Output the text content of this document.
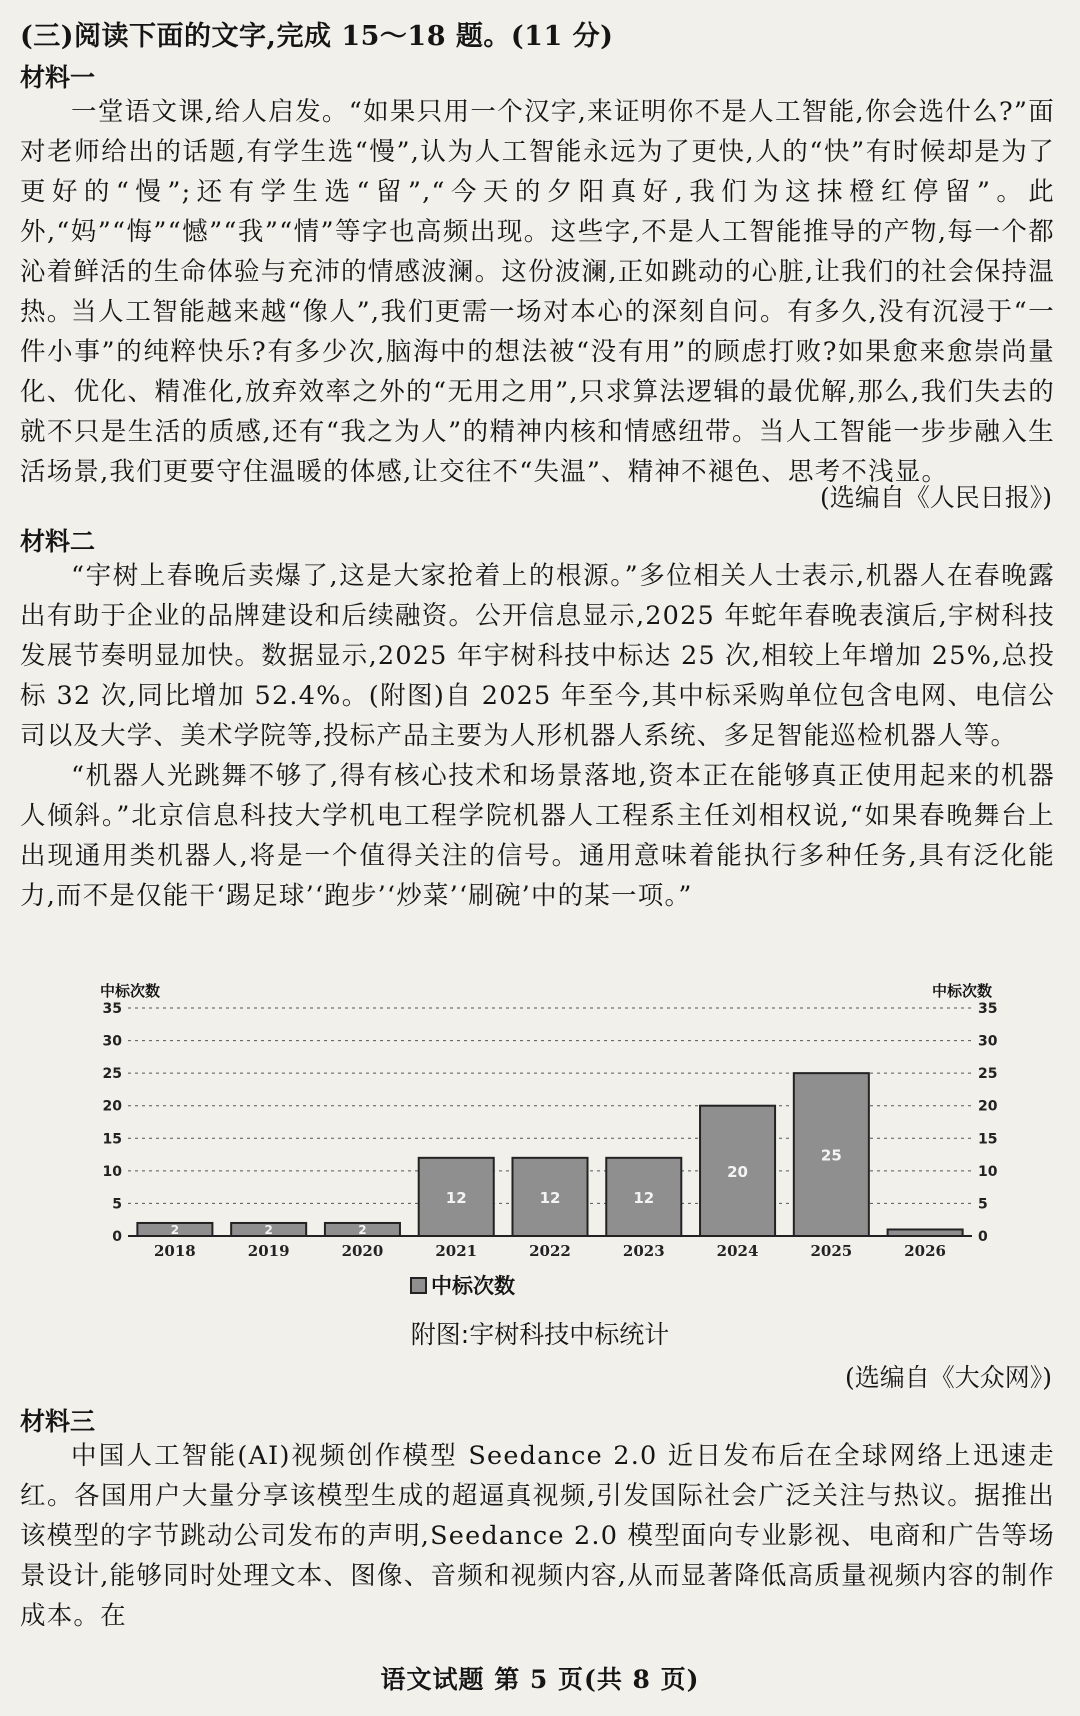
(三)阅读下面的文字,完成 15～18 题。(11 分)
材料一
一堂语文课,给人启发。“如果只用一个汉字,来证明你不是人工智能,你会选什么?”面对老师给出的话题,有学生选“慢”,认为人工智能永远为了更快,人的“快”有时候却是为了更好的“慢”;还有学生选“留”,“今天的夕阳真好,我们为这抹橙红停留”。此外,“妈”“悔”“憾”“我”“情”等字也高频出现。这些字,不是人工智能推导的产物,每一个都沁着鲜活的生命体验与充沛的情感波澜。这份波澜,正如跳动的心脏,让我们的社会保持温热。
当人工智能越来越“像人”,我们更需一场对本心的深刻自问。有多久,没有沉浸于“一件小事”的纯粹快乐?有多少次,脑海中的想法被“没有用”的顾虑打败?如果愈来愈崇尚量化、优化、精准化,放弃效率之外的“无用之用”,只求算法逻辑的最优解,那么,我们失去的就不只是生活的质感,还有“我之为人”的精神内核和情感纽带。当人工智能一步步融入生活场景,我们更要守住温暖的体感,让交往不“失温”、精神不褪色、思考不浅显。
(选编自《人民日报》)
材料二
“宇树上春晚后卖爆了,这是大家抢着上的根源。”多位相关人士表示,机器人在春晚露出有助于企业的品牌建设和后续融资。公开信息显示,2025 年蛇年春晚表演后,宇树科技发展节奏明显加快。数据显示,2025 年宇树科技中标达 25 次,相较上年增加 25%,总投标 32 次,同比增加 52.4%。(附图)自 2025 年至今,其中标采购单位包含电网、电信公司以及大学、美术学院等,投标产品主要为人形机器人系统、多足智能巡检机器人等。
“机器人光跳舞不够了,得有核心技术和场景落地,资本正在能够真正使用起来的机器人倾斜。”北京信息科技大学机电工程学院机器人工程系主任刘相权说,“如果春晚舞台上出现通用类机器人,将是一个值得关注的信号。通用意味着能执行多种任务,具有泛化能力,而不是仅能干‘踢足球’‘跑步’‘炒菜’‘刷碗’中的某一项。”
中标次数	中标次数
0	0
5	5
10	10
15	15
20	20
25	25
30	30
35	35
2
2018
2
2019
2
2020
12
2021
12
2022
12
2023
20
2024
25
2025	2026
中标次数
附图:宇树科技中标统计
(选编自《大众网》)
材料三
中国人工智能(AI)视频创作模型 Seedance 2.0 近日发布后在全球网络上迅速走红。各国用户大量分享该模型生成的超逼真视频,引发国际社会广泛关注与热议。据推出该模型的字节跳动公司发布的声明,Seedance 2.0 模型面向专业影视、电商和广告等场景设计,能够同时处理文本、图像、音频和视频内容,从而显著降低高质量视频内容的制作成本。在
语文试题 第 5 页(共 8 页)
